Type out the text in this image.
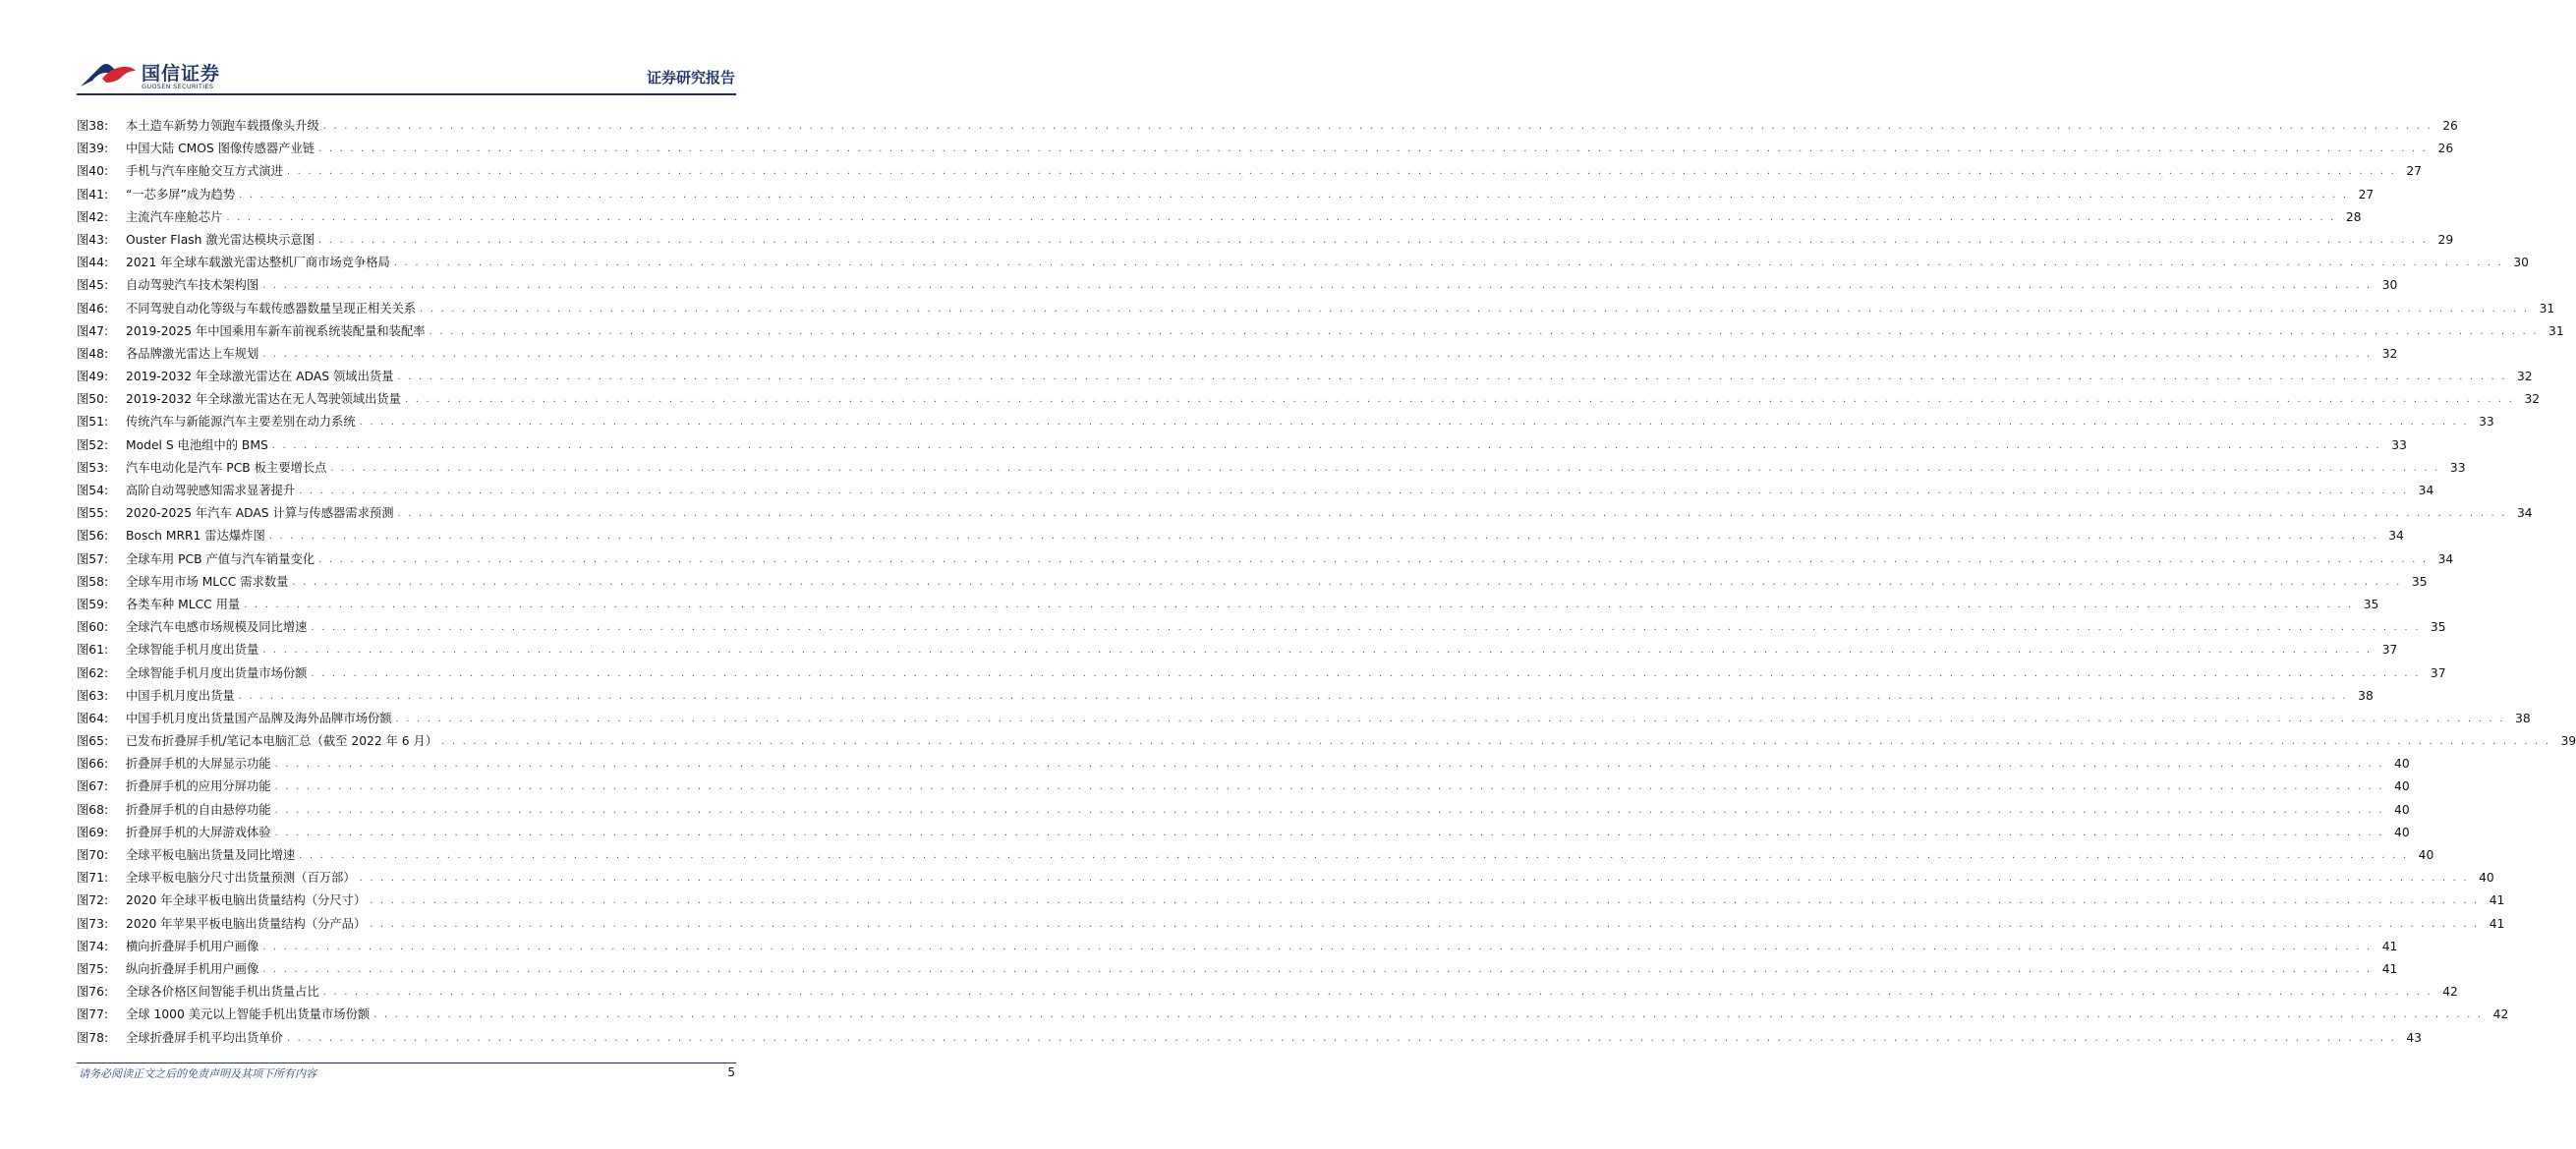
国信证券
GUOSEN SECURITIES	证券研究报告
图38:	本土造车新势力领跑车载摄像头升级 . . . . . . . . . . . . . . . . . . . . . . . . . . . . . . . . . . . . . . . . . . . . . . . . . . . . . . . . . . . . . . . . . . . . . . . . . . . . . . . . . . . . . . . . . . . . . . . . . . . . . . . . . . . . . . . . . . . . . . . . . . . . . . . . . . . . . . . . . . . . . . . . . . . . . . . . . . . . . . . . . . . . . . . . . . . . . . . . . . . . . . . . . . . . . . . . . . . . . . . . 26
图39:	中国大陆 CMOS 图像传感器产业链 . . . . . . . . . . . . . . . . . . . . . . . . . . . . . . . . . . . . . . . . . . . . . . . . . . . . . . . . . . . . . . . . . . . . . . . . . . . . . . . . . . . . . . . . . . . . . . . . . . . . . . . . . . . . . . . . . . . . . . . . . . . . . . . . . . . . . . . . . . . . . . . . . . . . . . . . . . . . . . . . . . . . . . . . . . . . . . . . . . . . . . . . . . . . . . . . . . . . . . . . 26
图40:	手机与汽车座舱交互方式演进 . . . . . . . . . . . . . . . . . . . . . . . . . . . . . . . . . . . . . . . . . . . . . . . . . . . . . . . . . . . . . . . . . . . . . . . . . . . . . . . . . . . . . . . . . . . . . . . . . . . . . . . . . . . . . . . . . . . . . . . . . . . . . . . . . . . . . . . . . . . . . . . . . . . . . . . . . . . . . . . . . . . . . . . . . . . . . . . . . . . . . . . . . . . . . . . . . . . . . . . . 27
图41:	“一芯多屏”成为趋势 . . . . . . . . . . . . . . . . . . . . . . . . . . . . . . . . . . . . . . . . . . . . . . . . . . . . . . . . . . . . . . . . . . . . . . . . . . . . . . . . . . . . . . . . . . . . . . . . . . . . . . . . . . . . . . . . . . . . . . . . . . . . . . . . . . . . . . . . . . . . . . . . . . . . . . . . . . . . . . . . . . . . . . . . . . . . . . . . . . . . . . . . . . . . . . . . . . . . . . . . 27
图42:	主流汽车座舱芯片 . . . . . . . . . . . . . . . . . . . . . . . . . . . . . . . . . . . . . . . . . . . . . . . . . . . . . . . . . . . . . . . . . . . . . . . . . . . . . . . . . . . . . . . . . . . . . . . . . . . . . . . . . . . . . . . . . . . . . . . . . . . . . . . . . . . . . . . . . . . . . . . . . . . . . . . . . . . . . . . . . . . . . . . . . . . . . . . . . . . . . . . . . . . . . . . . . . . . . . . . 28
图43:	Ouster Flash 激光雷达模块示意图 . . . . . . . . . . . . . . . . . . . . . . . . . . . . . . . . . . . . . . . . . . . . . . . . . . . . . . . . . . . . . . . . . . . . . . . . . . . . . . . . . . . . . . . . . . . . . . . . . . . . . . . . . . . . . . . . . . . . . . . . . . . . . . . . . . . . . . . . . . . . . . . . . . . . . . . . . . . . . . . . . . . . . . . . . . . . . . . . . . . . . . . . . . . . . . . . . . . . . . . . 29
图44:	2021 年全球车载激光雷达整机厂商市场竞争格局 . . . . . . . . . . . . . . . . . . . . . . . . . . . . . . . . . . . . . . . . . . . . . . . . . . . . . . . . . . . . . . . . . . . . . . . . . . . . . . . . . . . . . . . . . . . . . . . . . . . . . . . . . . . . . . . . . . . . . . . . . . . . . . . . . . . . . . . . . . . . . . . . . . . . . . . . . . . . . . . . . . . . . . . . . . . . . . . . . . . . . . . . . . . . . . . . . . . . . . . . 30
图45:	自动驾驶汽车技术架构图 . . . . . . . . . . . . . . . . . . . . . . . . . . . . . . . . . . . . . . . . . . . . . . . . . . . . . . . . . . . . . . . . . . . . . . . . . . . . . . . . . . . . . . . . . . . . . . . . . . . . . . . . . . . . . . . . . . . . . . . . . . . . . . . . . . . . . . . . . . . . . . . . . . . . . . . . . . . . . . . . . . . . . . . . . . . . . . . . . . . . . . . . . . . . . . . . . . . . . . . . 30
图46:	不同驾驶自动化等级与车载传感器数量呈现正相关关系 . . . . . . . . . . . . . . . . . . . . . . . . . . . . . . . . . . . . . . . . . . . . . . . . . . . . . . . . . . . . . . . . . . . . . . . . . . . . . . . . . . . . . . . . . . . . . . . . . . . . . . . . . . . . . . . . . . . . . . . . . . . . . . . . . . . . . . . . . . . . . . . . . . . . . . . . . . . . . . . . . . . . . . . . . . . . . . . . . . . . . . . . . . . . . . . . . . . . . . . . 31
图47:	2019-2025 年中国乘用车新车前视系统装配量和装配率 . . . . . . . . . . . . . . . . . . . . . . . . . . . . . . . . . . . . . . . . . . . . . . . . . . . . . . . . . . . . . . . . . . . . . . . . . . . . . . . . . . . . . . . . . . . . . . . . . . . . . . . . . . . . . . . . . . . . . . . . . . . . . . . . . . . . . . . . . . . . . . . . . . . . . . . . . . . . . . . . . . . . . . . . . . . . . . . . . . . . . . . . . . . . . . . . . . . . . . . . 31
图48:	各品牌激光雷达上车规划 . . . . . . . . . . . . . . . . . . . . . . . . . . . . . . . . . . . . . . . . . . . . . . . . . . . . . . . . . . . . . . . . . . . . . . . . . . . . . . . . . . . . . . . . . . . . . . . . . . . . . . . . . . . . . . . . . . . . . . . . . . . . . . . . . . . . . . . . . . . . . . . . . . . . . . . . . . . . . . . . . . . . . . . . . . . . . . . . . . . . . . . . . . . . . . . . . . . . . . . . 32
图49:	2019-2032 年全球激光雷达在 ADAS 领域出货量 . . . . . . . . . . . . . . . . . . . . . . . . . . . . . . . . . . . . . . . . . . . . . . . . . . . . . . . . . . . . . . . . . . . . . . . . . . . . . . . . . . . . . . . . . . . . . . . . . . . . . . . . . . . . . . . . . . . . . . . . . . . . . . . . . . . . . . . . . . . . . . . . . . . . . . . . . . . . . . . . . . . . . . . . . . . . . . . . . . . . . . . . . . . . . . . . . . . . . . . . 32
图50:	2019-2032 年全球激光雷达在无人驾驶领域出货量 . . . . . . . . . . . . . . . . . . . . . . . . . . . . . . . . . . . . . . . . . . . . . . . . . . . . . . . . . . . . . . . . . . . . . . . . . . . . . . . . . . . . . . . . . . . . . . . . . . . . . . . . . . . . . . . . . . . . . . . . . . . . . . . . . . . . . . . . . . . . . . . . . . . . . . . . . . . . . . . . . . . . . . . . . . . . . . . . . . . . . . . . . . . . . . . . . . . . . . . . 32
图51:	传统汽车与新能源汽车主要差别在动力系统 . . . . . . . . . . . . . . . . . . . . . . . . . . . . . . . . . . . . . . . . . . . . . . . . . . . . . . . . . . . . . . . . . . . . . . . . . . . . . . . . . . . . . . . . . . . . . . . . . . . . . . . . . . . . . . . . . . . . . . . . . . . . . . . . . . . . . . . . . . . . . . . . . . . . . . . . . . . . . . . . . . . . . . . . . . . . . . . . . . . . . . . . . . . . . . . . . . . . . . . . 33
图52:	Model S 电池组中的 BMS . . . . . . . . . . . . . . . . . . . . . . . . . . . . . . . . . . . . . . . . . . . . . . . . . . . . . . . . . . . . . . . . . . . . . . . . . . . . . . . . . . . . . . . . . . . . . . . . . . . . . . . . . . . . . . . . . . . . . . . . . . . . . . . . . . . . . . . . . . . . . . . . . . . . . . . . . . . . . . . . . . . . . . . . . . . . . . . . . . . . . . . . . . . . . . . . . . . . . . . . 33
图53:	汽车电动化是汽车 PCB 板主要增长点 . . . . . . . . . . . . . . . . . . . . . . . . . . . . . . . . . . . . . . . . . . . . . . . . . . . . . . . . . . . . . . . . . . . . . . . . . . . . . . . . . . . . . . . . . . . . . . . . . . . . . . . . . . . . . . . . . . . . . . . . . . . . . . . . . . . . . . . . . . . . . . . . . . . . . . . . . . . . . . . . . . . . . . . . . . . . . . . . . . . . . . . . . . . . . . . . . . . . . . . . 33
图54:	高阶自动驾驶感知需求显著提升 . . . . . . . . . . . . . . . . . . . . . . . . . . . . . . . . . . . . . . . . . . . . . . . . . . . . . . . . . . . . . . . . . . . . . . . . . . . . . . . . . . . . . . . . . . . . . . . . . . . . . . . . . . . . . . . . . . . . . . . . . . . . . . . . . . . . . . . . . . . . . . . . . . . . . . . . . . . . . . . . . . . . . . . . . . . . . . . . . . . . . . . . . . . . . . . . . . . . . . . . 34
图55:	2020-2025 年汽车 ADAS 计算与传感器需求预测 . . . . . . . . . . . . . . . . . . . . . . . . . . . . . . . . . . . . . . . . . . . . . . . . . . . . . . . . . . . . . . . . . . . . . . . . . . . . . . . . . . . . . . . . . . . . . . . . . . . . . . . . . . . . . . . . . . . . . . . . . . . . . . . . . . . . . . . . . . . . . . . . . . . . . . . . . . . . . . . . . . . . . . . . . . . . . . . . . . . . . . . . . . . . . . . . . . . . . . . . 34
图56:	Bosch MRR1 雷达爆炸图 . . . . . . . . . . . . . . . . . . . . . . . . . . . . . . . . . . . . . . . . . . . . . . . . . . . . . . . . . . . . . . . . . . . . . . . . . . . . . . . . . . . . . . . . . . . . . . . . . . . . . . . . . . . . . . . . . . . . . . . . . . . . . . . . . . . . . . . . . . . . . . . . . . . . . . . . . . . . . . . . . . . . . . . . . . . . . . . . . . . . . . . . . . . . . . . . . . . . . . . . 34
图57:	全球车用 PCB 产值与汽车销量变化 . . . . . . . . . . . . . . . . . . . . . . . . . . . . . . . . . . . . . . . . . . . . . . . . . . . . . . . . . . . . . . . . . . . . . . . . . . . . . . . . . . . . . . . . . . . . . . . . . . . . . . . . . . . . . . . . . . . . . . . . . . . . . . . . . . . . . . . . . . . . . . . . . . . . . . . . . . . . . . . . . . . . . . . . . . . . . . . . . . . . . . . . . . . . . . . . . . . . . . . . 34
图58:	全球车用市场 MLCC 需求数量 . . . . . . . . . . . . . . . . . . . . . . . . . . . . . . . . . . . . . . . . . . . . . . . . . . . . . . . . . . . . . . . . . . . . . . . . . . . . . . . . . . . . . . . . . . . . . . . . . . . . . . . . . . . . . . . . . . . . . . . . . . . . . . . . . . . . . . . . . . . . . . . . . . . . . . . . . . . . . . . . . . . . . . . . . . . . . . . . . . . . . . . . . . . . . . . . . . . . . . . . 35
图59:	各类车种 MLCC 用量 . . . . . . . . . . . . . . . . . . . . . . . . . . . . . . . . . . . . . . . . . . . . . . . . . . . . . . . . . . . . . . . . . . . . . . . . . . . . . . . . . . . . . . . . . . . . . . . . . . . . . . . . . . . . . . . . . . . . . . . . . . . . . . . . . . . . . . . . . . . . . . . . . . . . . . . . . . . . . . . . . . . . . . . . . . . . . . . . . . . . . . . . . . . . . . . . . . . . . . . . 35
图60:	全球汽车电感市场规模及同比增速 . . . . . . . . . . . . . . . . . . . . . . . . . . . . . . . . . . . . . . . . . . . . . . . . . . . . . . . . . . . . . . . . . . . . . . . . . . . . . . . . . . . . . . . . . . . . . . . . . . . . . . . . . . . . . . . . . . . . . . . . . . . . . . . . . . . . . . . . . . . . . . . . . . . . . . . . . . . . . . . . . . . . . . . . . . . . . . . . . . . . . . . . . . . . . . . . . . . . . . . . 35
图61:	全球智能手机月度出货量 . . . . . . . . . . . . . . . . . . . . . . . . . . . . . . . . . . . . . . . . . . . . . . . . . . . . . . . . . . . . . . . . . . . . . . . . . . . . . . . . . . . . . . . . . . . . . . . . . . . . . . . . . . . . . . . . . . . . . . . . . . . . . . . . . . . . . . . . . . . . . . . . . . . . . . . . . . . . . . . . . . . . . . . . . . . . . . . . . . . . . . . . . . . . . . . . . . . . . . . . 37
图62:	全球智能手机月度出货量市场份额 . . . . . . . . . . . . . . . . . . . . . . . . . . . . . . . . . . . . . . . . . . . . . . . . . . . . . . . . . . . . . . . . . . . . . . . . . . . . . . . . . . . . . . . . . . . . . . . . . . . . . . . . . . . . . . . . . . . . . . . . . . . . . . . . . . . . . . . . . . . . . . . . . . . . . . . . . . . . . . . . . . . . . . . . . . . . . . . . . . . . . . . . . . . . . . . . . . . . . . . . 37
图63:	中国手机月度出货量 . . . . . . . . . . . . . . . . . . . . . . . . . . . . . . . . . . . . . . . . . . . . . . . . . . . . . . . . . . . . . . . . . . . . . . . . . . . . . . . . . . . . . . . . . . . . . . . . . . . . . . . . . . . . . . . . . . . . . . . . . . . . . . . . . . . . . . . . . . . . . . . . . . . . . . . . . . . . . . . . . . . . . . . . . . . . . . . . . . . . . . . . . . . . . . . . . . . . . . . . 38
图64:	中国手机月度出货量国产品牌及海外品牌市场份额 . . . . . . . . . . . . . . . . . . . . . . . . . . . . . . . . . . . . . . . . . . . . . . . . . . . . . . . . . . . . . . . . . . . . . . . . . . . . . . . . . . . . . . . . . . . . . . . . . . . . . . . . . . . . . . . . . . . . . . . . . . . . . . . . . . . . . . . . . . . . . . . . . . . . . . . . . . . . . . . . . . . . . . . . . . . . . . . . . . . . . . . . . . . . . . . . . . . . . . . . 38
图65:	已发布折叠屏手机/笔记本电脑汇总（截至 2022 年 6 月） . . . . . . . . . . . . . . . . . . . . . . . . . . . . . . . . . . . . . . . . . . . . . . . . . . . . . . . . . . . . . . . . . . . . . . . . . . . . . . . . . . . . . . . . . . . . . . . . . . . . . . . . . . . . . . . . . . . . . . . . . . . . . . . . . . . . . . . . . . . . . . . . . . . . . . . . . . . . . . . . . . . . . . . . . . . . . . . . . . . . . . . . . . . . . . . . . . . . . . . . 39
图66:	折叠屏手机的大屏显示功能 . . . . . . . . . . . . . . . . . . . . . . . . . . . . . . . . . . . . . . . . . . . . . . . . . . . . . . . . . . . . . . . . . . . . . . . . . . . . . . . . . . . . . . . . . . . . . . . . . . . . . . . . . . . . . . . . . . . . . . . . . . . . . . . . . . . . . . . . . . . . . . . . . . . . . . . . . . . . . . . . . . . . . . . . . . . . . . . . . . . . . . . . . . . . . . . . . . . . . . . . 40
图67:	折叠屏手机的应用分屏功能 . . . . . . . . . . . . . . . . . . . . . . . . . . . . . . . . . . . . . . . . . . . . . . . . . . . . . . . . . . . . . . . . . . . . . . . . . . . . . . . . . . . . . . . . . . . . . . . . . . . . . . . . . . . . . . . . . . . . . . . . . . . . . . . . . . . . . . . . . . . . . . . . . . . . . . . . . . . . . . . . . . . . . . . . . . . . . . . . . . . . . . . . . . . . . . . . . . . . . . . . 40
图68:	折叠屏手机的自由悬停功能 . . . . . . . . . . . . . . . . . . . . . . . . . . . . . . . . . . . . . . . . . . . . . . . . . . . . . . . . . . . . . . . . . . . . . . . . . . . . . . . . . . . . . . . . . . . . . . . . . . . . . . . . . . . . . . . . . . . . . . . . . . . . . . . . . . . . . . . . . . . . . . . . . . . . . . . . . . . . . . . . . . . . . . . . . . . . . . . . . . . . . . . . . . . . . . . . . . . . . . . . 40
图69:	折叠屏手机的大屏游戏体验 . . . . . . . . . . . . . . . . . . . . . . . . . . . . . . . . . . . . . . . . . . . . . . . . . . . . . . . . . . . . . . . . . . . . . . . . . . . . . . . . . . . . . . . . . . . . . . . . . . . . . . . . . . . . . . . . . . . . . . . . . . . . . . . . . . . . . . . . . . . . . . . . . . . . . . . . . . . . . . . . . . . . . . . . . . . . . . . . . . . . . . . . . . . . . . . . . . . . . . . . 40
图70:	全球平板电脑出货量及同比增速 . . . . . . . . . . . . . . . . . . . . . . . . . . . . . . . . . . . . . . . . . . . . . . . . . . . . . . . . . . . . . . . . . . . . . . . . . . . . . . . . . . . . . . . . . . . . . . . . . . . . . . . . . . . . . . . . . . . . . . . . . . . . . . . . . . . . . . . . . . . . . . . . . . . . . . . . . . . . . . . . . . . . . . . . . . . . . . . . . . . . . . . . . . . . . . . . . . . . . . . . 40
图71:	全球平板电脑分尺寸出货量预测（百万部） . . . . . . . . . . . . . . . . . . . . . . . . . . . . . . . . . . . . . . . . . . . . . . . . . . . . . . . . . . . . . . . . . . . . . . . . . . . . . . . . . . . . . . . . . . . . . . . . . . . . . . . . . . . . . . . . . . . . . . . . . . . . . . . . . . . . . . . . . . . . . . . . . . . . . . . . . . . . . . . . . . . . . . . . . . . . . . . . . . . . . . . . . . . . . . . . . . . . . . . . 40
图72:	2020 年全球平板电脑出货量结构（分尺寸） . . . . . . . . . . . . . . . . . . . . . . . . . . . . . . . . . . . . . . . . . . . . . . . . . . . . . . . . . . . . . . . . . . . . . . . . . . . . . . . . . . . . . . . . . . . . . . . . . . . . . . . . . . . . . . . . . . . . . . . . . . . . . . . . . . . . . . . . . . . . . . . . . . . . . . . . . . . . . . . . . . . . . . . . . . . . . . . . . . . . . . . . . . . . . . . . . . . . . . . . 41
图73:	2020 年苹果平板电脑出货量结构（分产品） . . . . . . . . . . . . . . . . . . . . . . . . . . . . . . . . . . . . . . . . . . . . . . . . . . . . . . . . . . . . . . . . . . . . . . . . . . . . . . . . . . . . . . . . . . . . . . . . . . . . . . . . . . . . . . . . . . . . . . . . . . . . . . . . . . . . . . . . . . . . . . . . . . . . . . . . . . . . . . . . . . . . . . . . . . . . . . . . . . . . . . . . . . . . . . . . . . . . . . . . 41
图74:	横向折叠屏手机用户画像 . . . . . . . . . . . . . . . . . . . . . . . . . . . . . . . . . . . . . . . . . . . . . . . . . . . . . . . . . . . . . . . . . . . . . . . . . . . . . . . . . . . . . . . . . . . . . . . . . . . . . . . . . . . . . . . . . . . . . . . . . . . . . . . . . . . . . . . . . . . . . . . . . . . . . . . . . . . . . . . . . . . . . . . . . . . . . . . . . . . . . . . . . . . . . . . . . . . . . . . . 41
图75:	纵向折叠屏手机用户画像 . . . . . . . . . . . . . . . . . . . . . . . . . . . . . . . . . . . . . . . . . . . . . . . . . . . . . . . . . . . . . . . . . . . . . . . . . . . . . . . . . . . . . . . . . . . . . . . . . . . . . . . . . . . . . . . . . . . . . . . . . . . . . . . . . . . . . . . . . . . . . . . . . . . . . . . . . . . . . . . . . . . . . . . . . . . . . . . . . . . . . . . . . . . . . . . . . . . . . . . . 41
图76:	全球各价格区间智能手机出货量占比 . . . . . . . . . . . . . . . . . . . . . . . . . . . . . . . . . . . . . . . . . . . . . . . . . . . . . . . . . . . . . . . . . . . . . . . . . . . . . . . . . . . . . . . . . . . . . . . . . . . . . . . . . . . . . . . . . . . . . . . . . . . . . . . . . . . . . . . . . . . . . . . . . . . . . . . . . . . . . . . . . . . . . . . . . . . . . . . . . . . . . . . . . . . . . . . . . . . . . . . . 42
图77:	全球 1000 美元以上智能手机出货量市场份额 . . . . . . . . . . . . . . . . . . . . . . . . . . . . . . . . . . . . . . . . . . . . . . . . . . . . . . . . . . . . . . . . . . . . . . . . . . . . . . . . . . . . . . . . . . . . . . . . . . . . . . . . . . . . . . . . . . . . . . . . . . . . . . . . . . . . . . . . . . . . . . . . . . . . . . . . . . . . . . . . . . . . . . . . . . . . . . . . . . . . . . . . . . . . . . . . . . . . . . . . 42
图78:	全球折叠屏手机平均出货单价 . . . . . . . . . . . . . . . . . . . . . . . . . . . . . . . . . . . . . . . . . . . . . . . . . . . . . . . . . . . . . . . . . . . . . . . . . . . . . . . . . . . . . . . . . . . . . . . . . . . . . . . . . . . . . . . . . . . . . . . . . . . . . . . . . . . . . . . . . . . . . . . . . . . . . . . . . . . . . . . . . . . . . . . . . . . . . . . . . . . . . . . . . . . . . . . . . . . . . . . . 43
请务必阅读正文之后的免责声明及其项下所有内容	5
